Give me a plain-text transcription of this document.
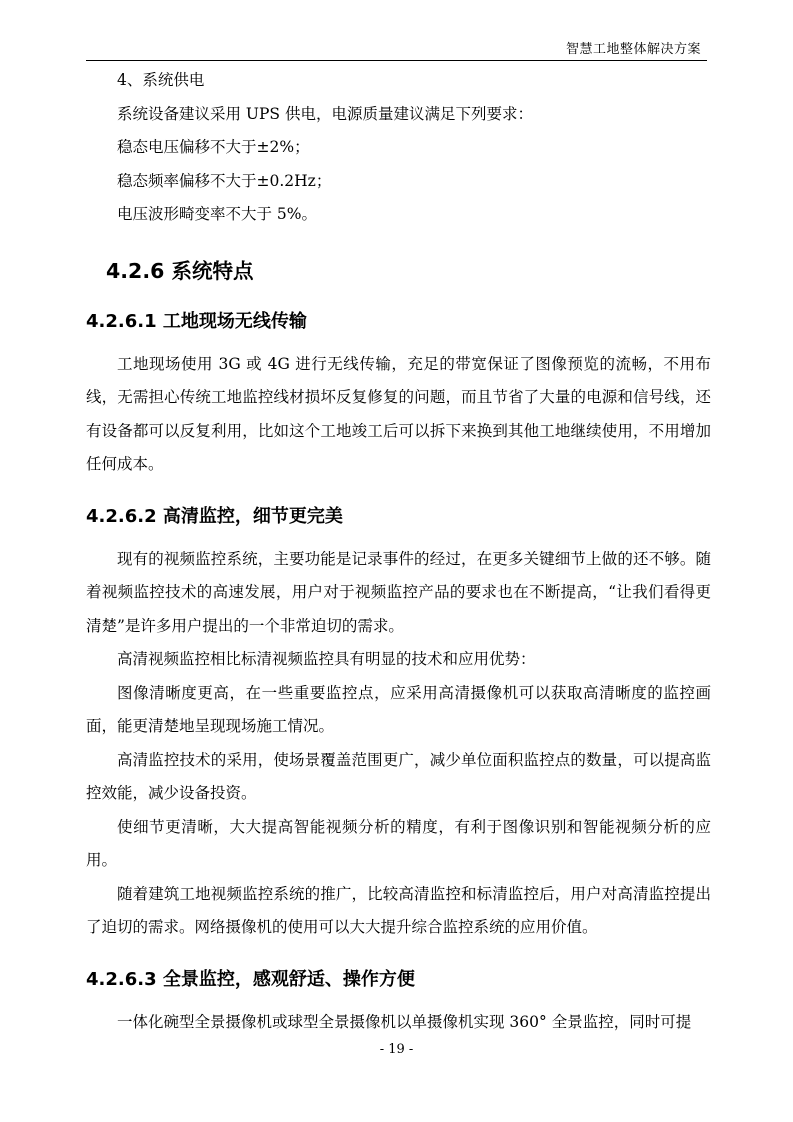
智慧工地整体解决方案

4、系统供电

系统设备建议采用 UPS 供电，电源质量建议满足下列要求：

稳态电压偏移不大于±2%；

稳态频率偏移不大于±0.2Hz；

电压波形畸变率不大于 5%。

4.2.6 系统特点
4.2.6.1 工地现场无线传输

工地现场使用 3G 或 4G 进行无线传输，充足的带宽保证了图像预览的流畅，不用布线，无需担心传统工地监控线材损坏反复修复的问题，而且节省了大量的电源和信号线，还有设备都可以反复利用，比如这个工地竣工后可以拆下来换到其他工地继续使用，不用增加任何成本。

4.2.6.2 高清监控，细节更完美

现有的视频监控系统，主要功能是记录事件的经过，在更多关键细节上做的还不够。随着视频监控技术的高速发展，用户对于视频监控产品的要求也在不断提高，“让我们看得更清楚”是许多用户提出的一个非常迫切的需求。

高清视频监控相比标清视频监控具有明显的技术和应用优势：

图像清晰度更高，在一些重要监控点，应采用高清摄像机可以获取高清晰度的监控画面，能更清楚地呈现现场施工情况。

高清监控技术的采用，使场景覆盖范围更广，减少单位面积监控点的数量，可以提高监控效能，减少设备投资。

使细节更清晰，大大提高智能视频分析的精度，有利于图像识别和智能视频分析的应用。

随着建筑工地视频监控系统的推广，比较高清监控和标清监控后，用户对高清监控提出了迫切的需求。网络摄像机的使用可以大大提升综合监控系统的应用价值。

4.2.6.3 全景监控，感观舒适、操作方便

一体化碗型全景摄像机或球型全景摄像机以单摄像机实现 360° 全景监控，同时可提

- 19 -
